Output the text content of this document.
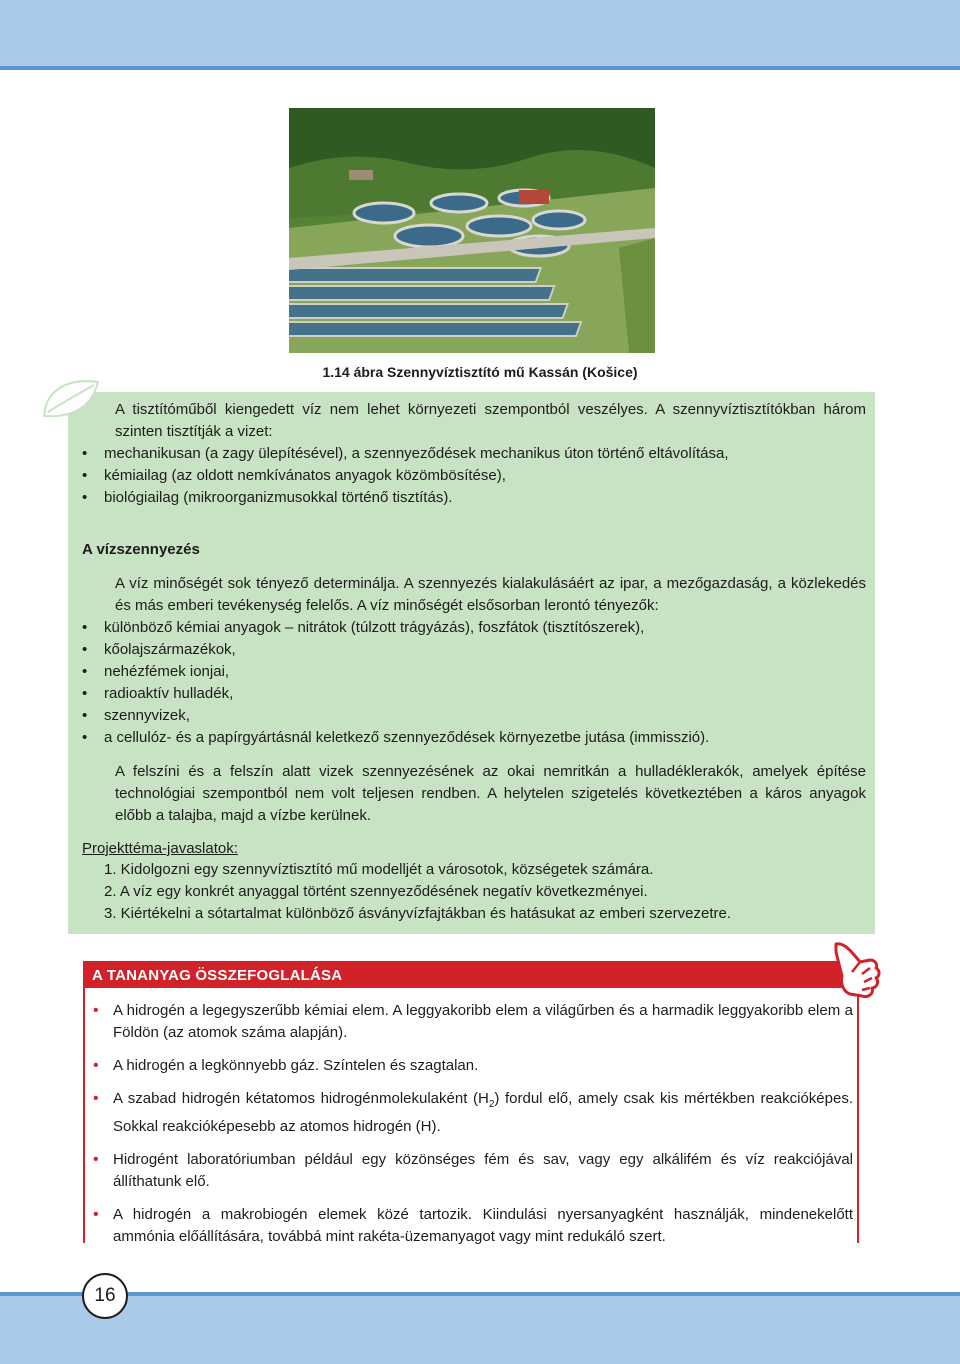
1.14 ábra Szennyvíztisztító mű Kassán (Košice)

A tisztítóműből kiengedett víz nem lehet környezeti szempontból veszélyes. A szennyvíztisztítókban három szinten tisztítják a vizet:

• mechanikusan (a zagy ülepítésével), a szennyeződések mechanikus úton történő eltávolítása,
• kémiailag (az oldott nemkívánatos anyagok közömbösítése),
• biológiailag (mikroorganizmusokkal történő tisztítás).
A vízszennyezés

A víz minőségét sok tényező determinálja. A szennyezés kialakulásáért az ipar, a mezőgazdaság, a közlekedés és más emberi tevékenység felelős. A víz minőségét elsősorban lerontó tényezők:

• különböző kémiai anyagok – nitrátok (túlzott trágyázás), foszfátok (tisztítószerek),
• kőolajszármazékok,
• nehézfémek ionjai,
• radioaktív hulladék,
• szennyvizek,
• a cellulóz- és a papírgyártásnál keletkező szennyeződések környezetbe jutása (immisszió).

A felszíni és a felszín alatt vizek szennyezésének az okai nemritkán a hulladéklerakók, amelyek építése technológiai szempontból nem volt teljesen rendben. A helytelen szigetelés következtében a káros anyagok előbb a talajba, majd a vízbe kerülnek.

Projekttéma-javaslatok:
1. Kidolgozni egy szennyvíztisztító mű modelljét a városotok, községetek számára.
2. A víz egy konkrét anyaggal történt szennyeződésének negatív következményei.
3. Kiértékelni a sótartalmat különböző ásványvízfajtákban és hatásukat az emberi szervezetre.
A TANANYAG ÖSSZEFOGLALÁSA
• A hidrogén a legegyszerűbb kémiai elem. A leggyakoribb elem a világűrben és a harmadik leggyakoribb elem a Földön (az atomok száma alapján).
• A hidrogén a legkönnyebb gáz. Színtelen és szagtalan.
• A szabad hidrogén kétatomos hidrogénmolekulaként $(H_2)$ fordul elő, amely csak kis mértékben reakcióképes. Sokkal reakcióképesebb az atomos hidrogén (H).
• Hidrogént laboratóriumban például egy közönséges fém és sav, vagy egy alkálifém és víz reakciójával állíthatunk elő.
• A hidrogén a makrobiogén elemek közé tartozik. Kiindulási nyersanyagként használják, mindenekelőtt ammónia előállítására, továbbá mint rakéta-üzemanyagot vagy mint redukáló szert.
16
